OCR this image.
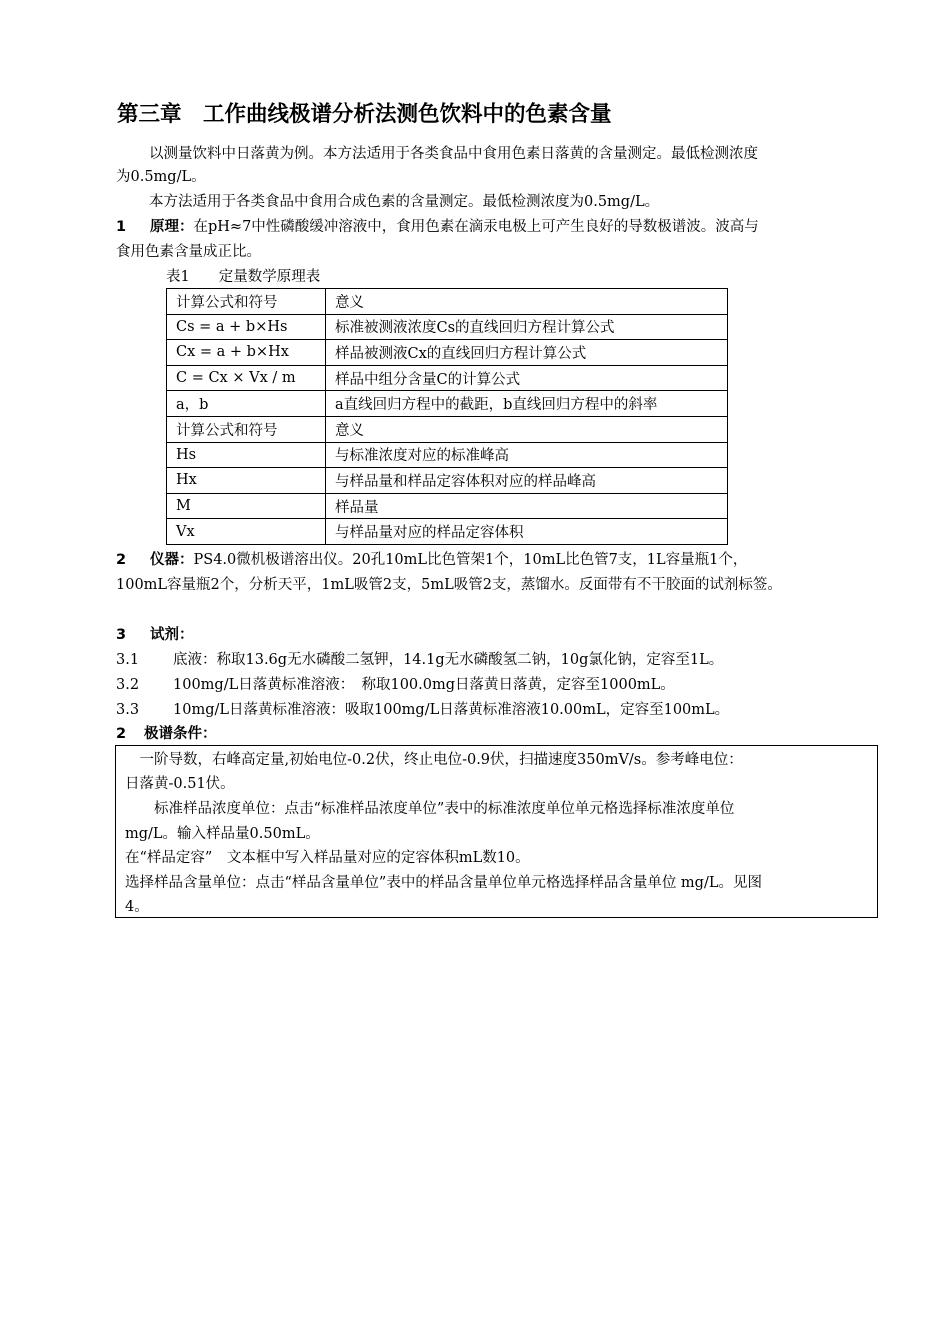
第三章　工作曲线极谱分析法测色饮料中的色素含量
以测量饮料中日落黄为例。本方法适用于各类食品中食用色素日落黄的含量测定。最低检测浓度
为0.5mg/L。
本方法适用于各类食品中食用合成色素的含量测定。最低检测浓度为0.5mg/L。
1 原理：在pH≈7中性磷酸缓冲溶液中，食用色素在滴汞电极上可产生良好的导数极谱波。波高与
食用色素含量成正比。
表1　　定量数学原理表
计算公式和符号	意义
Cs = a + b×Hs	标准被测液浓度Cs的直线回归方程计算公式
Cx = a + b×Hx	样品被测液Cx的直线回归方程计算公式
C = Cx × Vx / m	样品中组分含量C的计算公式
a，b	a直线回归方程中的截距，b直线回归方程中的斜率
计算公式和符号	意义
Hs	与标准浓度对应的标准峰高
Hx	与样品量和样品定容体积对应的样品峰高
M	样品量
Vx	与样品量对应的样品定容体积
2 仪器：PS4.0微机极谱溶出仪。20孔10mL比色管架1个，10mL比色管7支，1L容量瓶1个，
100mL容量瓶2个，分析天平，1mL吸管2支，5mL吸管2支，蒸馏水。反面带有不干胶面的试剂标签。
3 试剂：
3.1 底液：称取13.6g无水磷酸二氢钾，14.1g无水磷酸氢二钠，10g氯化钠，定容至1L。
3.2 100mg/L日落黄标准溶液：　称取100.0mg日落黄日落黄，定容至1000mL。
3.3 10mg/L日落黄标准溶液：吸取100mg/L日落黄标准溶液10.00mL，定容至100mL。
2 极谱条件：
　一阶导数，右峰高定量,初始电位-0.2伏，终止电位-0.9伏，扫描速度350mV/s。参考峰电位：
日落黄-0.51伏。
　　标准样品浓度单位：点击“标准样品浓度单位”表中的标准浓度单位单元格选择标准浓度单位
mg/L。输入样品量0.50mL。
在“样品定容”　文本框中写入样品量对应的定容体积mL数10。
选择样品含量单位：点击“样品含量单位”表中的样品含量单位单元格选择样品含量单位 mg/L。见图
4。
